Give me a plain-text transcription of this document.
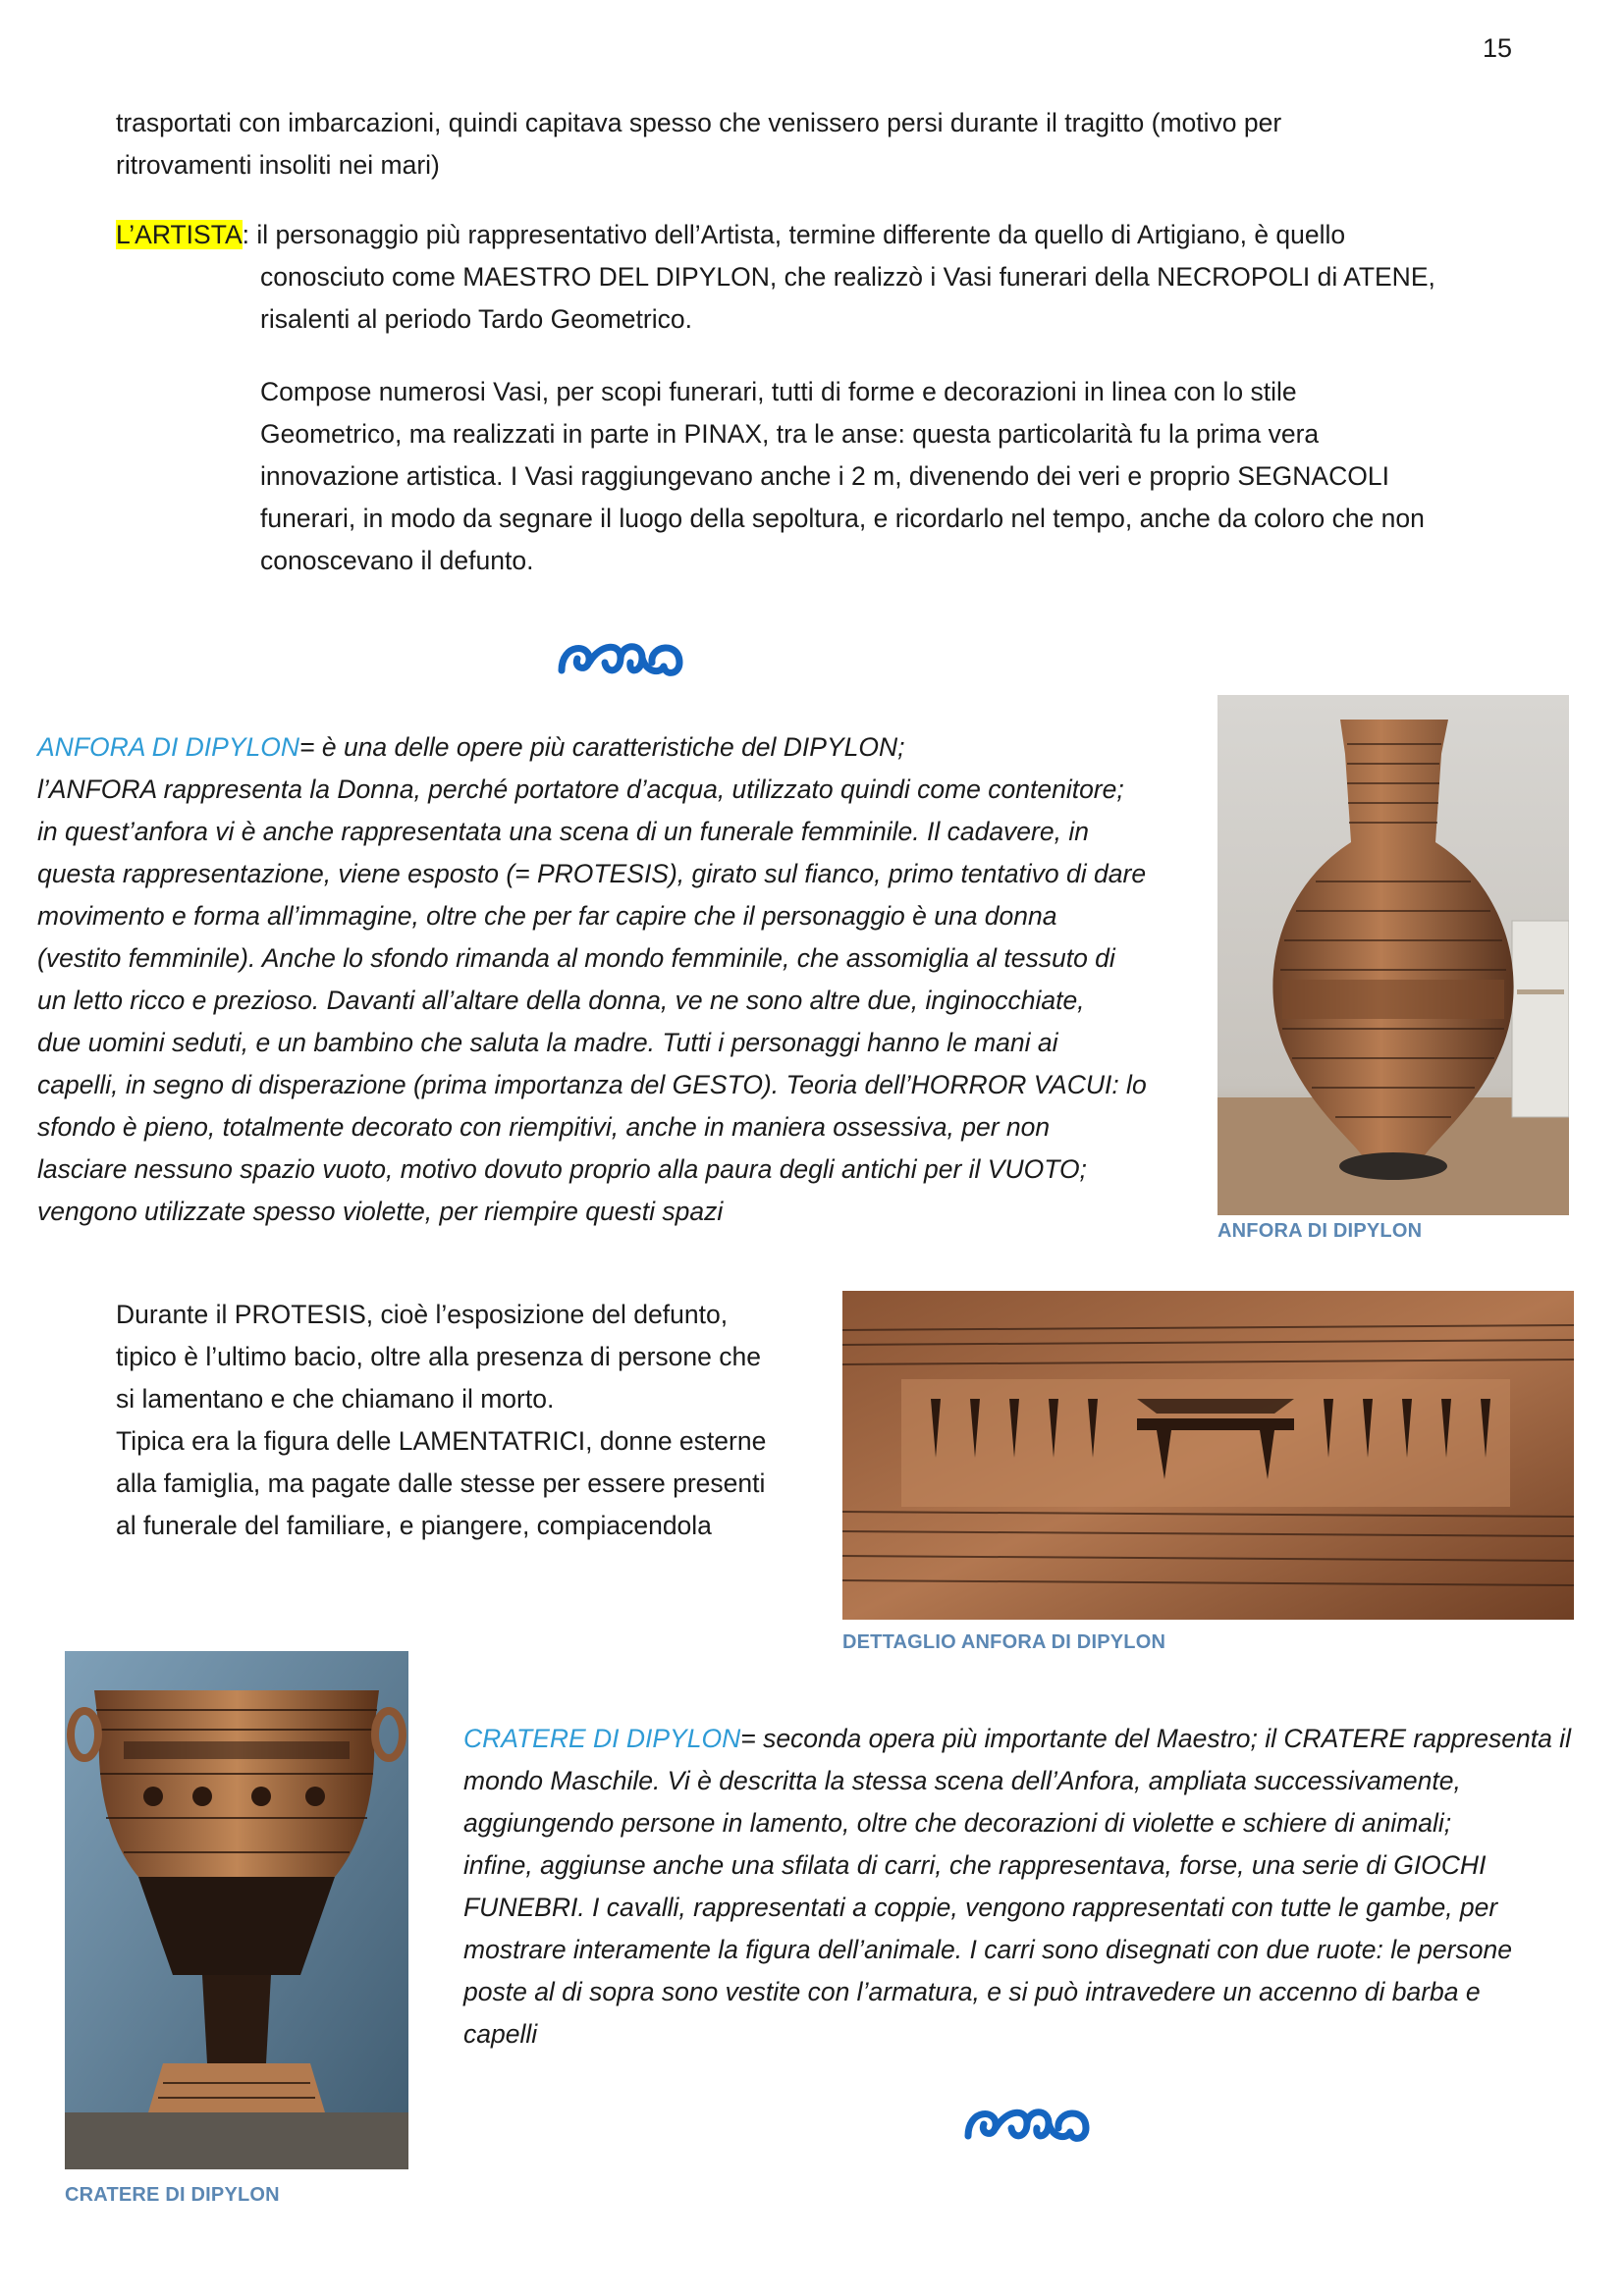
15

trasportati con imbarcazioni, quindi capitava spesso che venissero persi durante il tragitto (motivo per

ritrovamenti insoliti nei mari)

L’ARTISTA: il personaggio più rappresentativo dell’Artista, termine differente da quello di Artigiano, è quello

conosciuto come MAESTRO DEL DIPYLON, che realizzò i Vasi funerari della NECROPOLI di ATENE,

risalenti al periodo Tardo Geometrico.

Compose numerosi Vasi, per scopi funerari, tutti di forme e decorazioni in linea con lo stile

Geometrico, ma realizzati in parte in PINAX, tra le anse: questa particolarità fu la prima vera

innovazione artistica. I Vasi raggiungevano anche i 2 m, divenendo dei veri e proprio SEGNACOLI

funerari, in modo da segnare il luogo della sepoltura, e ricordarlo nel tempo, anche da coloro che non

conoscevano il defunto.

ANFORA DI DIPYLON= è una delle opere più caratteristiche del DIPYLON;

l’ANFORA rappresenta la Donna, perché portatore d’acqua, utilizzato quindi come contenitore;

in quest’anfora vi è anche rappresentata una scena di un funerale femminile. Il cadavere, in

questa rappresentazione, viene esposto (= PROTESIS), girato sul fianco, primo tentativo di dare

movimento e forma all’immagine, oltre che per far capire che il personaggio è una donna

(vestito femminile). Anche lo sfondo rimanda al mondo femminile, che assomiglia al tessuto di

un letto ricco e prezioso. Davanti all’altare della donna, ve ne sono altre due, inginocchiate,

due uomini seduti, e un bambino che saluta la madre. Tutti i personaggi hanno le mani ai

capelli, in segno di disperazione (prima importanza del GESTO). Teoria dell’HORROR VACUI: lo

sfondo è pieno, totalmente decorato con riempitivi, anche in maniera ossessiva, per non

lasciare nessuno spazio vuoto, motivo dovuto proprio alla paura degli antichi per il VUOTO;

vengono utilizzate spesso violette, per riempire questi spazi

ANFORA DI DIPYLON

Durante il PROTESIS, cioè l’esposizione del defunto,

tipico è l’ultimo bacio, oltre alla presenza di persone che

si lamentano e che chiamano il morto.

Tipica era la figura delle LAMENTATRICI, donne esterne

alla famiglia, ma pagate dalle stesse per essere presenti

al funerale del familiare, e piangere, compiacendola

DETTAGLIO ANFORA DI DIPYLON
CRATERE DI DIPYLON

CRATERE DI DIPYLON= seconda opera più importante del Maestro; il CRATERE rappresenta il

mondo Maschile. Vi è descritta la stessa scena dell’Anfora, ampliata successivamente,

aggiungendo persone in lamento, oltre che decorazioni di violette e schiere di animali;

infine, aggiunse anche una sfilata di carri, che rappresentava, forse, una serie di GIOCHI

FUNEBRI. I cavalli, rappresentati a coppie, vengono rappresentati con tutte le gambe, per

mostrare interamente la figura dell’animale. I carri sono disegnati con due ruote: le persone

poste al di sopra sono vestite con l’armatura, e si può intravedere un accenno di barba e

capelli
